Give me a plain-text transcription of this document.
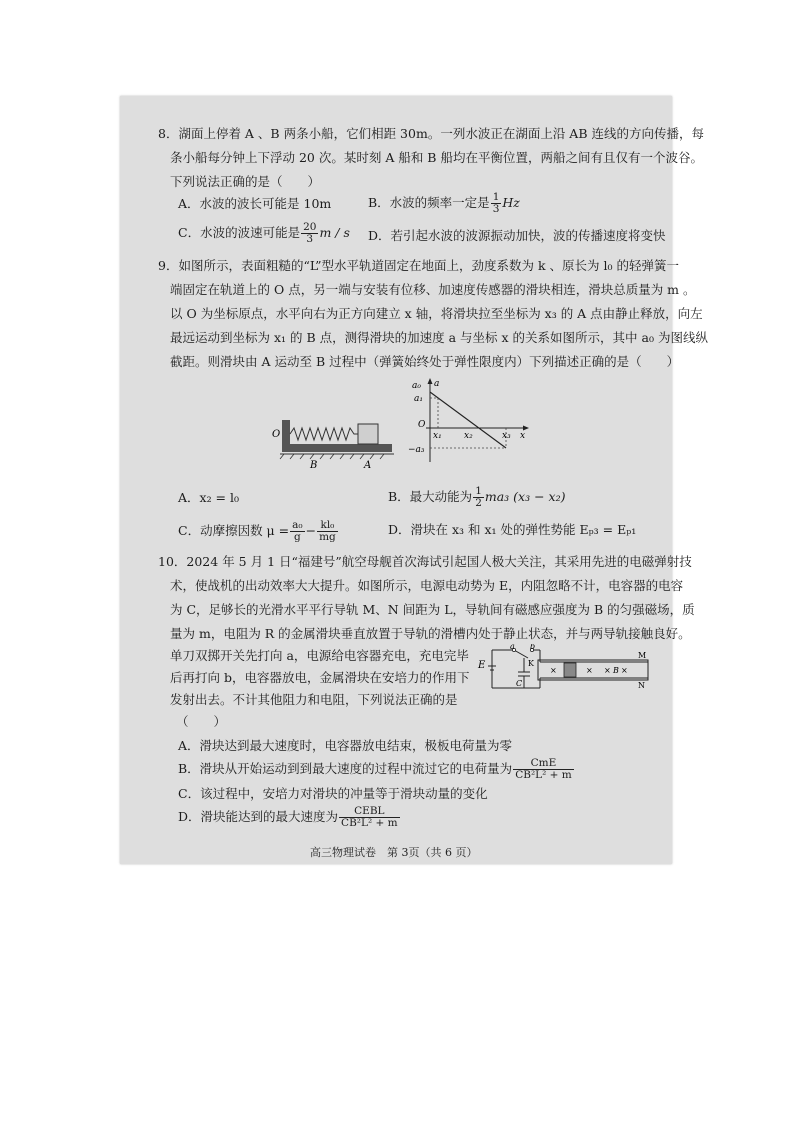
8．湖面上停着 A 、B 两条小船，它们相距 30m。一列水波正在湖面上沿 AB 连线的方向传播，每
条小船每分钟上下浮动 20 次。某时刻 A 船和 B 船均在平衡位置，两船之间有且仅有一个波谷。
下列说法正确的是（　　）
A．水波的波长可能是 10m	B．水波的频率一定是 $\frac{1}{3}$ Hz
C．水波的波速可能是 $\frac{20}{3}$ m / s D．若引起水波的波源振动加快，波的传播速度将变快
9．如图所示，表面粗糙的“L”型水平轨道固定在地面上，劲度系数为 k 、原长为 l₀ 的轻弹簧一
端固定在轨道上的 O 点，另一端与安装有位移、加速度传感器的滑块相连，滑块总质量为 m 。
以 O 为坐标原点，水平向右为正方向建立 x 轴，将滑块拉至坐标为 x₃ 的 A 点由静止释放，向左
最远运动到坐标为 x₁ 的 B 点，测得滑块的加速度 a 与坐标 x 的关系如图所示，其中 a₀ 为图线纵
截距。则滑块由 A 运动至 B 过程中（弹簧始终处于弹性限度内）下列描述正确的是（　　）
O
B	A
a₀
a₁
a
O
x₁ x₂	x₃ x
−a₃
A．x₂ = l₀	B．最大动能为 $\frac{1}{2} ma_3$ (x₃ − x₂)
C．动摩擦因数 $\mu = \frac{\text{a₀}}{g} - \frac{\text{kl₀}}{mg}$	D．滑块在 x₃ 和 x₁ 处的弹性势能 Eₚ₃ = Eₚ₁
10．2024 年 5 月 1 日“福建号”航空母舰首次海试引起国人极大关注，其采用先进的电磁弹射技
术，使战机的出动效率大大提升。如图所示，电源电动势为 E，内阻忽略不计，电容器的电容
为 C，足够长的光滑水平平行导轨 M、N 间距为 L，导轨间有磁感应强度为 B 的匀强磁场，质
量为 m，电阻为 R 的金属滑块垂直放置于导轨的滑槽内处于静止状态，并与两导轨接触良好。
单刀双掷开关先打向 a，电源给电容器充电，充电完毕
后再打向 b，电容器放电，金属滑块在安培力的作用下
发射出去。不计其他阻力和电阻，下列说法正确的是
（　　）
E
a b
K
C
M
N
×	× × B ×
A．滑块达到最大速度时，电容器放电结束，极板电荷量为零
B．滑块从开始运动到到最大速度的过程中流过它的电荷量为	CmE
CB²L² + m
C．该过程中，安培力对滑块的冲量等于滑块动量的变化
D．滑块能达到的最大速度为	CEBL
CB²L² + m
高三物理试卷　第 3页（共 6 页）
